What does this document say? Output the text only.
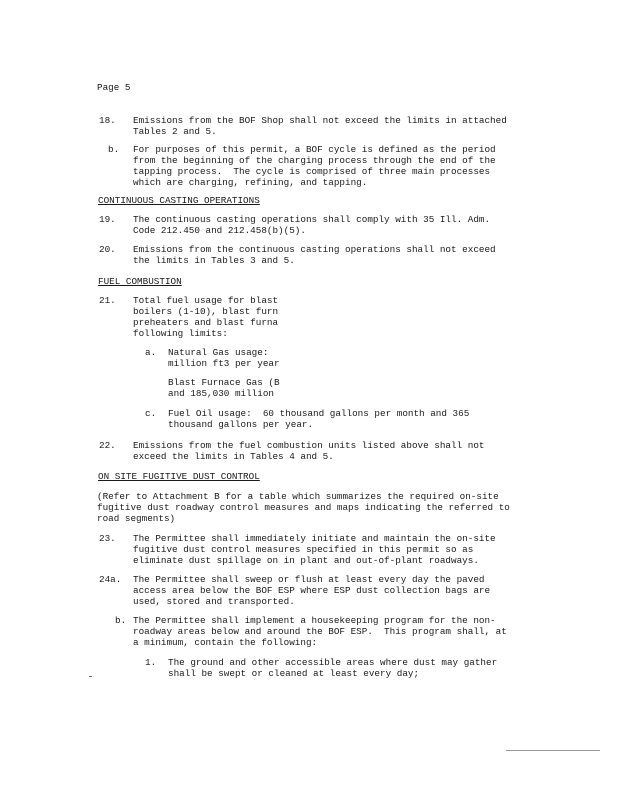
Page 5
18. Emissions from the BOF Shop shall not exceed the limits in attached
Tables 2 and 5.
b. For purposes of this permit, a BOF cycle is defined as the period
from the beginning of the charging process through the end of the
tapping process.  The cycle is comprised of three main processes
which are charging, refining, and tapping.
CONTINUOUS CASTING OPERATIONS
19. The continuous casting operations shall comply with 35 Ill. Adm.
Code 212.450 and 212.458(b)(5).
20. Emissions from the continuous casting operations shall not exceed
the limits in Tables 3 and 5.
FUEL COMBUSTION
21. Total fuel usage for blast
boilers (1-10), blast furn
preheaters and blast furna
following limits:
a. Natural Gas usage:
million ft3 per year
Blast Furnace Gas (B
and 185,030 million
c. Fuel Oil usage:  60 thousand gallons per month and 365
thousand gallons per year.
22. Emissions from the fuel combustion units listed above shall not
exceed the limits in Tables 4 and 5.
ON SITE FUGITIVE DUST CONTROL
(Refer to Attachment B for a table which summarizes the required on-site
fugitive dust roadway control measures and maps indicating the referred to
road segments)
23. The Permittee shall immediately initiate and maintain the on-site
fugitive dust control measures specified in this permit so as
eliminate dust spillage on in plant and out-of-plant roadways.
24a. The Permittee shall sweep or flush at least every day the paved
access area below the BOF ESP where ESP dust collection bags are
used, stored and transported.
b. The Permittee shall implement a housekeeping program for the non-
roadway areas below and around the BOF ESP.  This program shall, at
a minimum, contain the following:
1. The ground and other accessible areas where dust may gather
shall be swept or cleaned at least every day;
